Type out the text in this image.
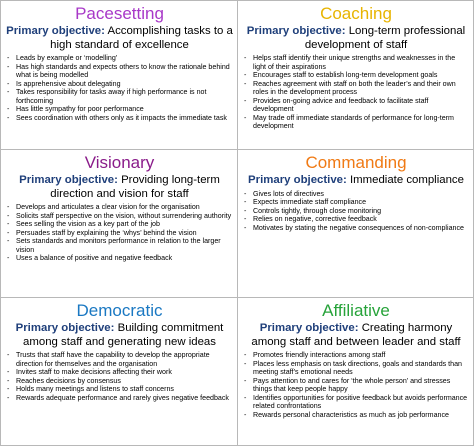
Pacesetting
Primary objective: Accomplishing tasks to a high standard of excellence
- Leads by example or ‘modelling’
- Has high standards and expects others to know the rationale behind what is being modelled
- Is apprehensive about delegating
- Takes responsibility for tasks away if high performance is not forthcoming
- Has little sympathy for poor performance
- Sees coordination with others only as it impacts the immediate task
Coaching
Primary objective: Long-term professional development of staff
- Helps staff identify their unique strengths and weaknesses in the light of their aspirations
- Encourages staff to establish long-term development goals
- Reaches agreement with staff on both the leader’s and their own roles in the development process
- Provides on-going advice and feedback to facilitate staff development
- May trade off immediate standards of performance for long-term development
Visionary
Primary objective: Providing long-term direction and vision for staff
- Develops and articulates a clear vision for the organisation
- Solicits staff perspective on the vision, without surrendering authority
- Sees selling the vision as a key part of the job
- Persuades staff by explaining the ‘whys’ behind the vision
- Sets standards and monitors performance in relation to the larger vision
- Uses a balance of positive and negative feedback
Commanding
Primary objective: Immediate compliance
- Gives lots of directives
- Expects immediate staff compliance
- Controls tightly, through close monitoring
- Relies on negative, corrective feedback
- Motivates by stating the negative consequences of non-compliance
Democratic
Primary objective: Building commitment among staff and generating new ideas
- Trusts that staff have the capability to develop the appropriate direction for themselves and the organisation
- Invites staff to make decisions affecting their work
- Reaches decisions by consensus
- Holds many meetings and listens to staff concerns
- Rewards adequate performance and rarely gives negative feedback
Affiliative
Primary objective: Creating harmony among staff and between leader and staff
- Promotes friendly interactions among staff
- Places less emphasis on task directions, goals and standards than meeting staff’s emotional needs
- Pays attention to and cares for ‘the whole person’ and stresses things that keep people happy
- Identifies opportunities for positive feedback but avoids performance related confrontations
- Rewards personal characteristics as much as job performance
